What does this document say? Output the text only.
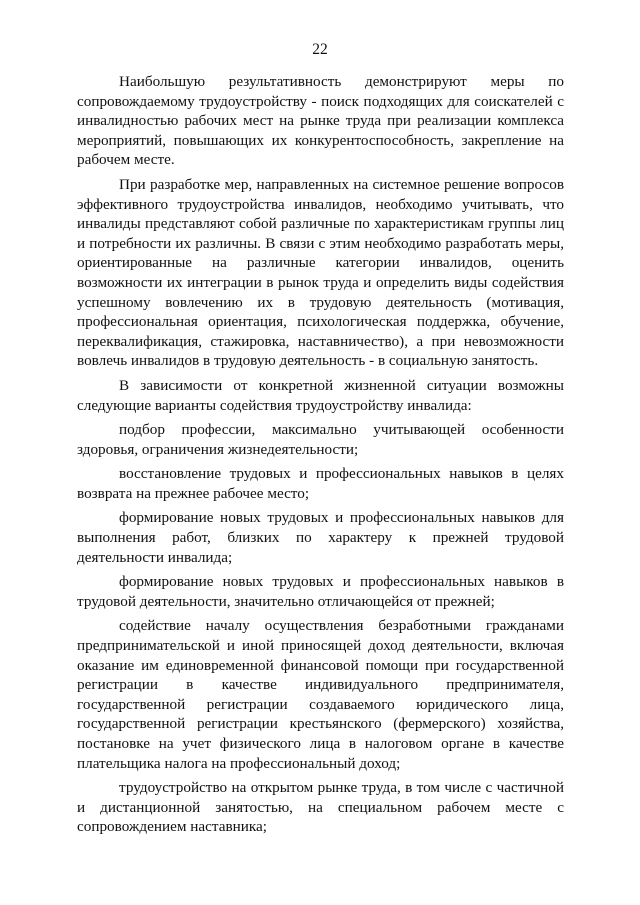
22

Наибольшую результативность демонстрируют меры по сопровождаемому трудоустройству - поиск подходящих для соискателей с инвалидностью рабочих мест на рынке труда при реализации комплекса мероприятий, повышающих их конкурентоспособность, закрепление на рабочем месте.

При разработке мер, направленных на системное решение вопросов эффективного трудоустройства инвалидов, необходимо учитывать, что инвалиды представляют собой различные по характеристикам группы лиц и потребности их различны. В связи с этим необходимо разработать меры, ориентированные на различные категории инвалидов, оценить возможности их интеграции в рынок труда и определить виды содействия успешному вовлечению их в трудовую деятельность (мотивация, профессиональная ориентация, психологическая поддержка, обучение, переквалификация, стажировка, наставничество), а при невозможности вовлечь инвалидов в трудовую деятельность - в социальную занятость.

В зависимости от конкретной жизненной ситуации возможны следующие варианты содействия трудоустройству инвалида:

подбор профессии, максимально учитывающей особенности здоровья, ограничения жизнедеятельности;

восстановление трудовых и профессиональных навыков в целях возврата на прежнее рабочее место;

формирование новых трудовых и профессиональных навыков для выполнения работ, близких по характеру к прежней трудовой деятельности инвалида;

формирование новых трудовых и профессиональных навыков в трудовой деятельности, значительно отличающейся от прежней;

содействие началу осуществления безработными гражданами предпринимательской и иной приносящей доход деятельности, включая оказание им единовременной финансовой помощи при государственной регистрации в качестве индивидуального предпринимателя, государственной регистрации создаваемого юридического лица, государственной регистрации крестьянского (фермерского) хозяйства, постановке на учет физического лица в налоговом органе в качестве плательщика налога на профессиональный доход;

трудоустройство на открытом рынке труда, в том числе с частичной и дистанционной занятостью, на специальном рабочем месте с сопровождением наставника;
